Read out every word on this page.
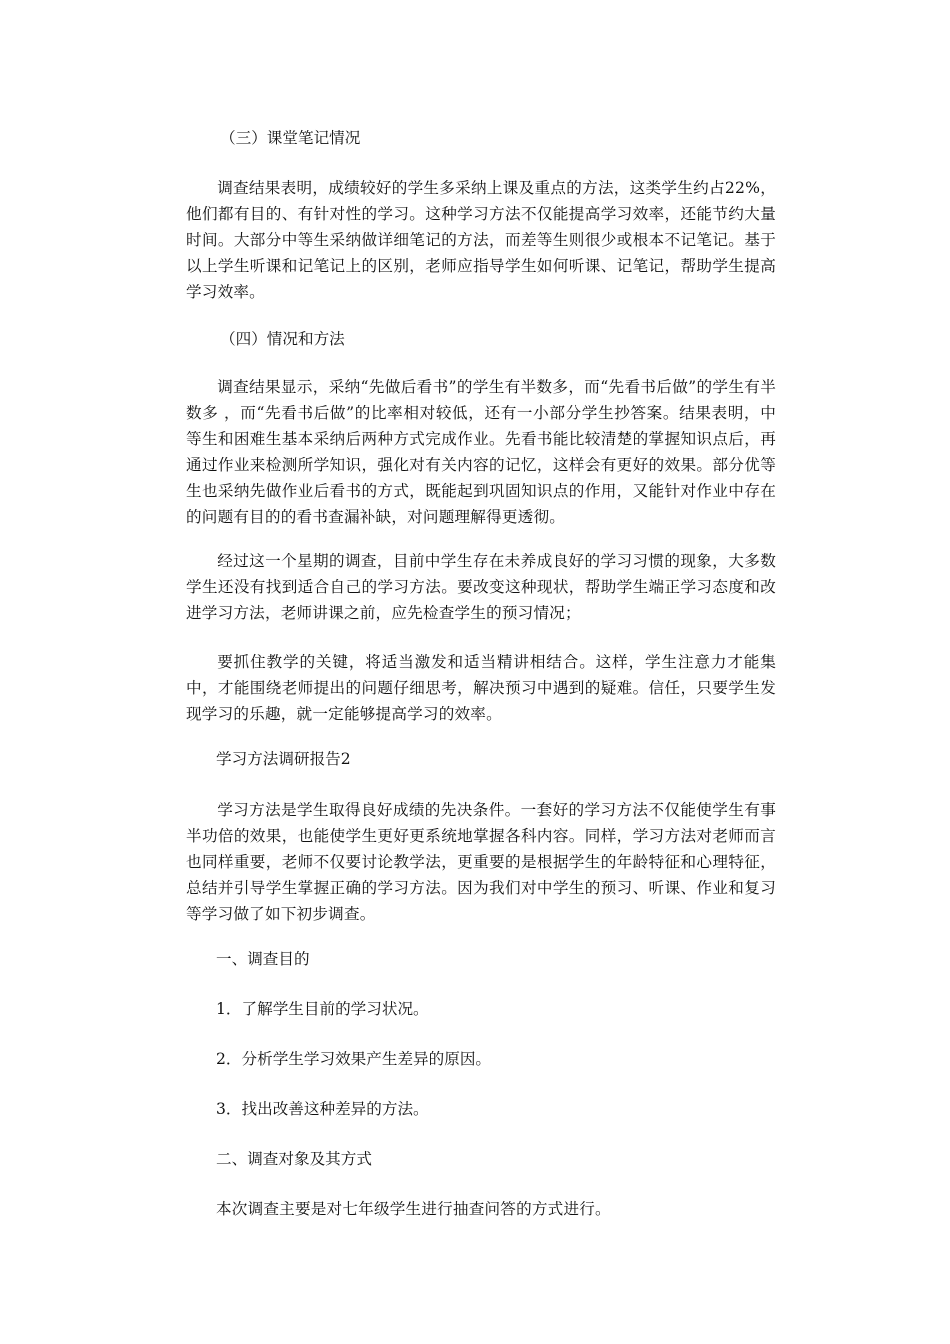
（三）课堂笔记情况

调查结果表明，成绩较好的学生多采纳上课及重点的方法，这类学生约占22%，他们都有目的、有针对性的学习。这种学习方法不仅能提高学习效率，还能节约大量时间。大部分中等生采纳做详细笔记的方法，而差等生则很少或根本不记笔记。基于以上学生听课和记笔记上的区别，老师应指导学生如何听课、记笔记，帮助学生提高学习效率。

（四）情况和方法

调查结果显示，采纳“先做后看书”的学生有半数多，而“先看书后做”的学生有半数多 ，而“先看书后做”的比率相对较低，还有一小部分学生抄答案。结果表明，中等生和困难生基本采纳后两种方式完成作业。先看书能比较清楚的掌握知识点后，再通过作业来检测所学知识，强化对有关内容的记忆，这样会有更好的效果。部分优等生也采纳先做作业后看书的方式，既能起到巩固知识点的作用，又能针对作业中存在的问题有目的的看书查漏补缺，对问题理解得更透彻。

经过这一个星期的调查，目前中学生存在未养成良好的学习习惯的现象，大多数学生还没有找到适合自己的学习方法。要改变这种现状，帮助学生端正学习态度和改进学习方法，老师讲课之前，应先检查学生的预习情况；

要抓住教学的关键，将适当激发和适当精讲相结合。这样，学生注意力才能集中，才能围绕老师提出的问题仔细思考，解决预习中遇到的疑难。信任，只要学生发现学习的乐趣，就一定能够提高学习的效率。

学习方法调研报告2

学习方法是学生取得良好成绩的先决条件。一套好的学习方法不仅能使学生有事半功倍的效果，也能使学生更好更系统地掌握各科内容。同样，学习方法对老师而言也同样重要，老师不仅要讨论教学法，更重要的是根据学生的年龄特征和心理特征，总结并引导学生掌握正确的学习方法。因为我们对中学生的预习、听课、作业和复习等学习做了如下初步调查。

一、调查目的

1．了解学生目前的学习状况。

2．分析学生学习效果产生差异的原因。

3．找出改善这种差异的方法。

二、调查对象及其方式

本次调查主要是对七年级学生进行抽查问答的方式进行。
